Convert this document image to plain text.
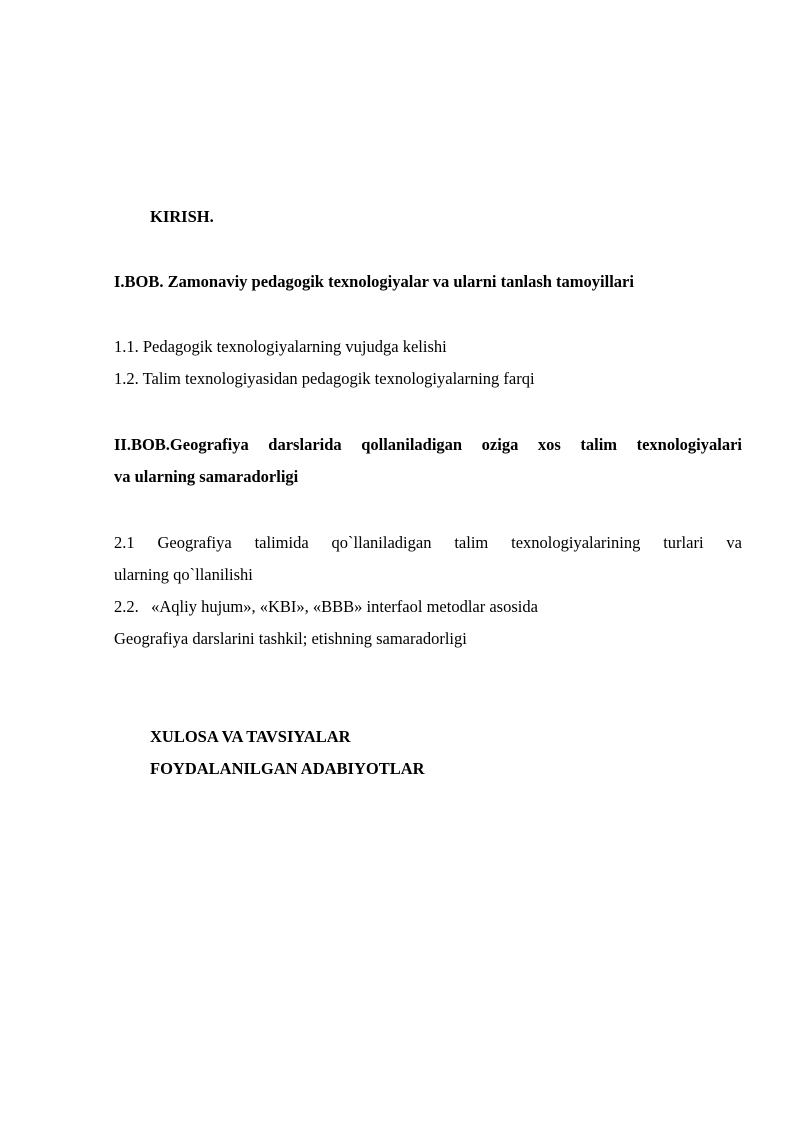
KIRISH.
I.BOB. Zamonaviy pedagogik texnologiyalar va ularni tanlash tamoyillari
1.1. Pedagogik texnologiyalarning vujudga kelishi
1.2. Talim texnologiyasidan pedagogik texnologiyalarning farqi
II.BOB.Geografiya darslarida qollaniladigan oziga xos talim texnologiyalari
va ularning samaradorligi
2.1 Geografiya talimida qo`llaniladigan talim texnologiyalarining turlari va
ularning qo`llanilishi
2.2.   «Aqliy hujum», «KBI», «BBB» interfaol metodlar asosida
Geografiya darslarini tashkil; etishning samaradorligi
XULOSA VA TAVSIYALAR
FOYDALANILGAN ADABIYOTLAR
